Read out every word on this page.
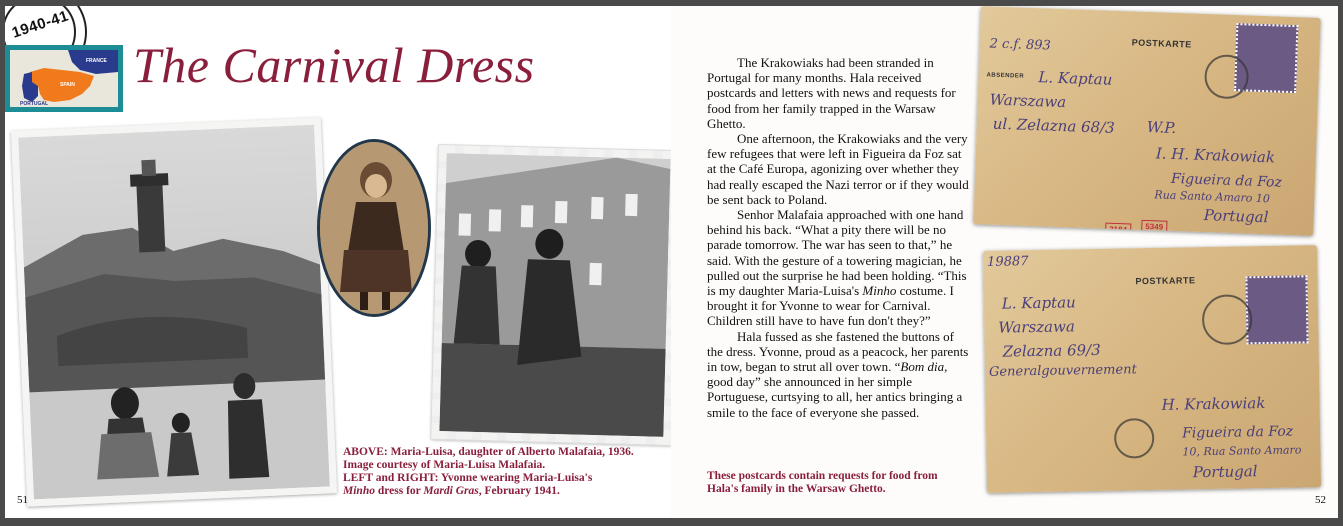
1940-41
FRANCE
SPAIN
PORTUGAL
The Carnival Dress
ABOVE: Maria-Luisa, daughter of Alberto Malafaia, 1936.
Image courtesy of Maria-Luisa Malafaia.
LEFT and RIGHT: Yvonne wearing Maria-Luisa's
Minho dress for Mardi Gras, February 1941.
51

The Krakowiaks had been stranded in Portugal for many months. Hala received postcards and letters with news and requests for food from her family trapped in the Warsaw Ghetto.

One afternoon, the Krakowiaks and the very few refugees that were left in Figueira da Foz sat at the Café Europa, agonizing over whether they had really escaped the Nazi terror or if they would be sent back to Poland.

Senhor Malafaia approached with one hand behind his back. “What a pity there will be no parade tomorrow. The war has seen to that,” he said. With the gesture of a towering magician, he pulled out the surprise he had been holding. “This is my daughter Maria-Luisa's Minho costume. I brought it for Yvonne to wear for Carnival. Children still have to have fun don't they?”

Hala fussed as she fastened the buttons of the dress. Yvonne, proud as a peacock, her parents in tow, began to strut all over town. “Bom dia, good day” she announced in her simple Portuguese, curtsying to all, her antics bringing a smile to the face of everyone she passed.

These postcards contain requests for food from Hala's family in the Warsaw Ghetto.
POSTKARTE
ABSENDER
2 c.f. 893
L. Kaptau
Warszawa
ul. Zelazna 68/3 W.P.
I. H. Krakowiak
Figueira da Foz
Rua Santo Amaro 10
Portugal
3184	5349
POSTKARTE
19887
L. Kaptau
Warszawa
Zelazna 69/3
Generalgouvernement
H. Krakowiak
Figueira da Foz
10, Rua Santo Amaro
Portugal
52
